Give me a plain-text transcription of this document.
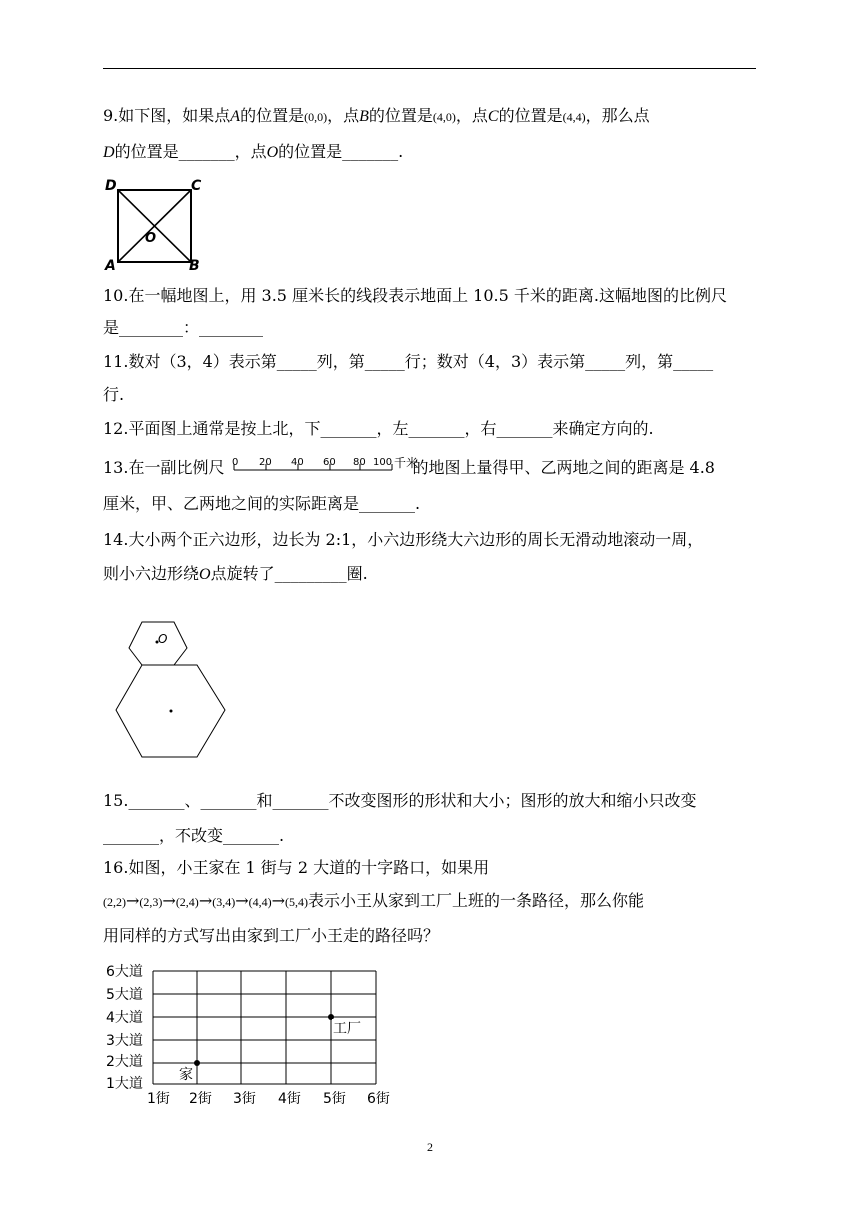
9.如下图，如果点A的位置是(0,0)，点B的位置是(4,0)，点C的位置是(4,4)，那么点
D的位置是_______，点O的位置是_______.
D	C
O
A	B
10.在一幅地图上，用 3.5 厘米长的线段表示地面上 10.5 千米的距离.这幅地图的比例尺
是________：________
11.数对（3，4）表示第_____列，第_____行；数对（4，3）表示第_____列，第_____
行.
12.平面图上通常是按上北，下_______，左_______，右_______来确定方向的.
13.在一副比例尺	的地图上量得甲、乙两地之间的距离是 4.8
0 20 40 60 80 100 千米
厘米，甲、乙两地之间的实际距离是_______.
14.大小两个正六边形，边长为 2:1，小六边形绕大六边形的周长无滑动地滚动一周，
则小六边形绕O点旋转了_________圈.
O
15._______、_______和_______不改变图形的形状和大小；图形的放大和缩小只改变
_______，不改变_______.
16.如图，小王家在 1 街与 2 大道的十字路口，如果用
(2,2)→(2,3)→(2,4)→(3,4)→(4,4)→(5,4)表示小王从家到工厂上班的一条路径，那么你能
用同样的方式写出由家到工厂小王走的路径吗？
6大道
5大道
4大道
3大道
2大道
1大道
1街 2街 3街 4街 5街 6街
家
工厂
2
